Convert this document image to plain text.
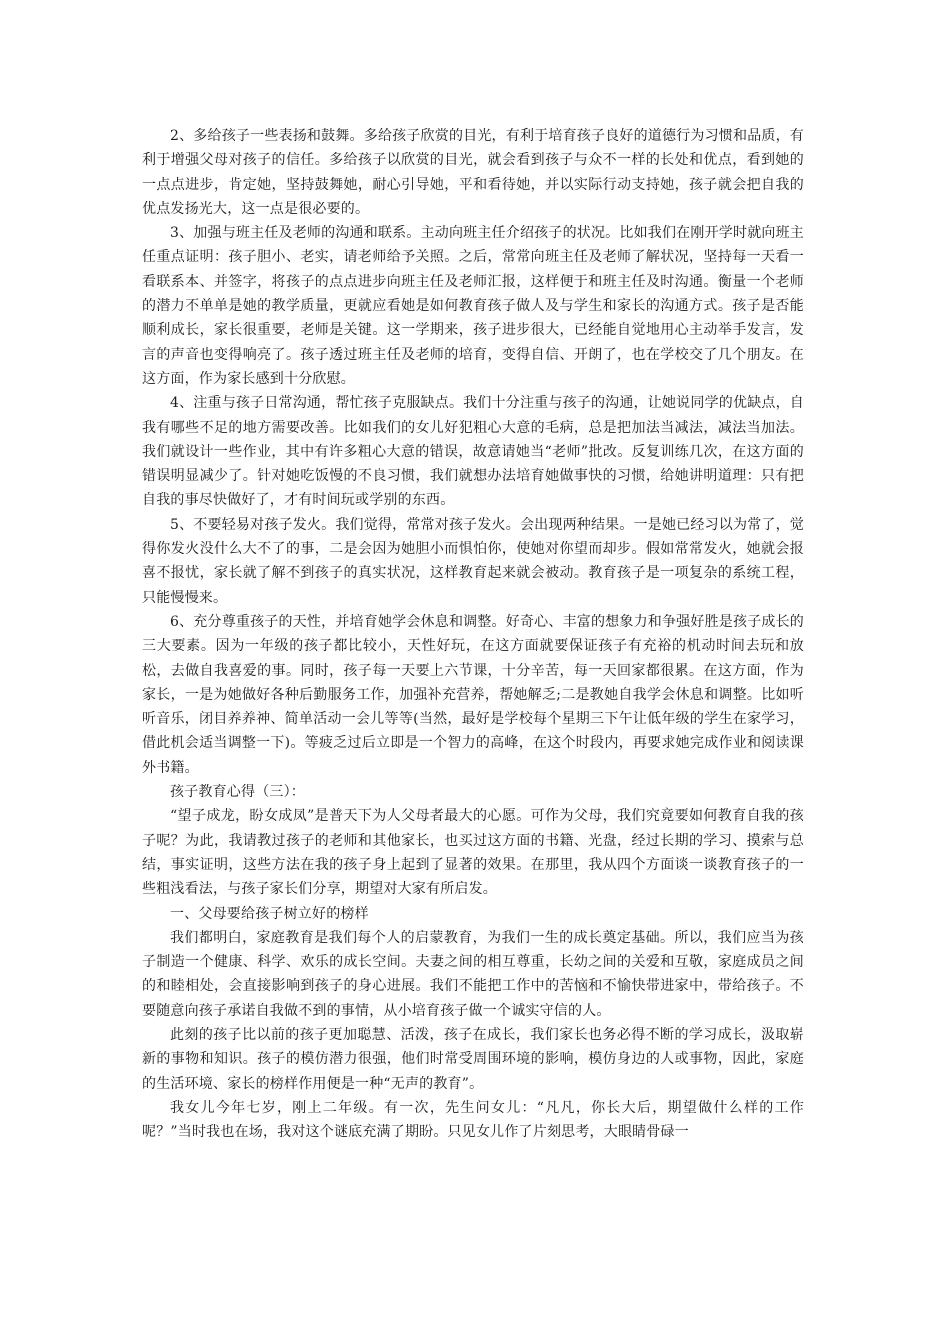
2、多给孩子一些表扬和鼓舞。多给孩子欣赏的目光，有利于培育孩子良好的道德行为习惯和品质，有利于增强父母对孩子的信任。多给孩子以欣赏的目光，就会看到孩子与众不一样的长处和优点，看到她的一点点进步，肯定她，坚持鼓舞她，耐心引导她，平和看待她，并以实际行动支持她，孩子就会把自我的优点发扬光大，这一点是很必要的。

3、加强与班主任及老师的沟通和联系。主动向班主任介绍孩子的状况。比如我们在刚开学时就向班主任重点证明：孩子胆小、老实，请老师给予关照。之后，常常向班主任及老师了解状况，坚持每一天看一看联系本、并签字，将孩子的点点进步向班主任及老师汇报，这样便于和班主任及时沟通。衡量一个老师的潜力不单单是她的教学质量，更就应看她是如何教育孩子做人及与学生和家长的沟通方式。孩子是否能顺利成长，家长很重要，老师是关键。这一学期来，孩子进步很大，已经能自觉地用心主动举手发言，发言的声音也变得响亮了。孩子透过班主任及老师的培育，变得自信、开朗了，也在学校交了几个朋友。在这方面，作为家长感到十分欣慰。

4、注重与孩子日常沟通，帮忙孩子克服缺点。我们十分注重与孩子的沟通，让她说同学的优缺点，自我有哪些不足的地方需要改善。比如我们的女儿好犯粗心大意的毛病，总是把加法当减法，减法当加法。我们就设计一些作业，其中有许多粗心大意的错误，故意请她当“老师”批改。反复训练几次，在这方面的错误明显减少了。针对她吃饭慢的不良习惯，我们就想办法培育她做事快的习惯，给她讲明道理：只有把自我的事尽快做好了，才有时间玩或学别的东西。

5、不要轻易对孩子发火。我们觉得，常常对孩子发火。会出现两种结果。一是她已经习以为常了，觉得你发火没什么大不了的事，二是会因为她胆小而惧怕你，使她对你望而却步。假如常常发火，她就会报喜不报忧，家长就了解不到孩子的真实状况，这样教育起来就会被动。教育孩子是一项复杂的系统工程，只能慢慢来。

6、充分尊重孩子的天性，并培育她学会休息和调整。好奇心、丰富的想象力和争强好胜是孩子成长的三大要素。因为一年级的孩子都比较小，天性好玩，在这方面就要保证孩子有充裕的机动时间去玩和放松，去做自我喜爱的事。同时，孩子每一天要上六节课，十分辛苦，每一天回家都很累。在这方面，作为家长，一是为她做好各种后勤服务工作，加强补充营养，帮她解乏;二是教她自我学会休息和调整。比如听听音乐，闭目养养神、简单活动一会儿等等(当然，最好是学校每个星期三下午让低年级的学生在家学习，借此机会适当调整一下)。等疲乏过后立即是一个智力的高峰，在这个时段内，再要求她完成作业和阅读课外书籍。

孩子教育心得（三）：

“望子成龙，盼女成凤”是普天下为人父母者最大的心愿。可作为父母，我们究竟要如何教育自我的孩子呢？为此，我请教过孩子的老师和其他家长，也买过这方面的书籍、光盘，经过长期的学习、摸索与总结，事实证明，这些方法在我的孩子身上起到了显著的效果。在那里，我从四个方面谈一谈教育孩子的一些粗浅看法，与孩子家长们分享，期望对大家有所启发。

一、父母要给孩子树立好的榜样

我们都明白，家庭教育是我们每个人的启蒙教育，为我们一生的成长奠定基础。所以，我们应当为孩子制造一个健康、科学、欢乐的成长空间。夫妻之间的相互尊重，长幼之间的关爱和互敬，家庭成员之间的和睦相处，会直接影响到孩子的身心进展。我们不能把工作中的苦恼和不愉快带进家中，带给孩子。不要随意向孩子承诺自我做不到的事情，从小培育孩子做一个诚实守信的人。

此刻的孩子比以前的孩子更加聪慧、活泼，孩子在成长，我们家长也务必得不断的学习成长，汲取崭新的事物和知识。孩子的模仿潜力很强，他们时常受周围环境的影响，模仿身边的人或事物，因此，家庭的生活环境、家长的榜样作用便是一种“无声的教育”。

我女儿今年七岁，刚上二年级。有一次，先生问女儿：“凡凡，你长大后，期望做什么样的工作呢？”当时我也在场，我对这个谜底充满了期盼。只见女儿作了片刻思考，大眼睛骨碌一
